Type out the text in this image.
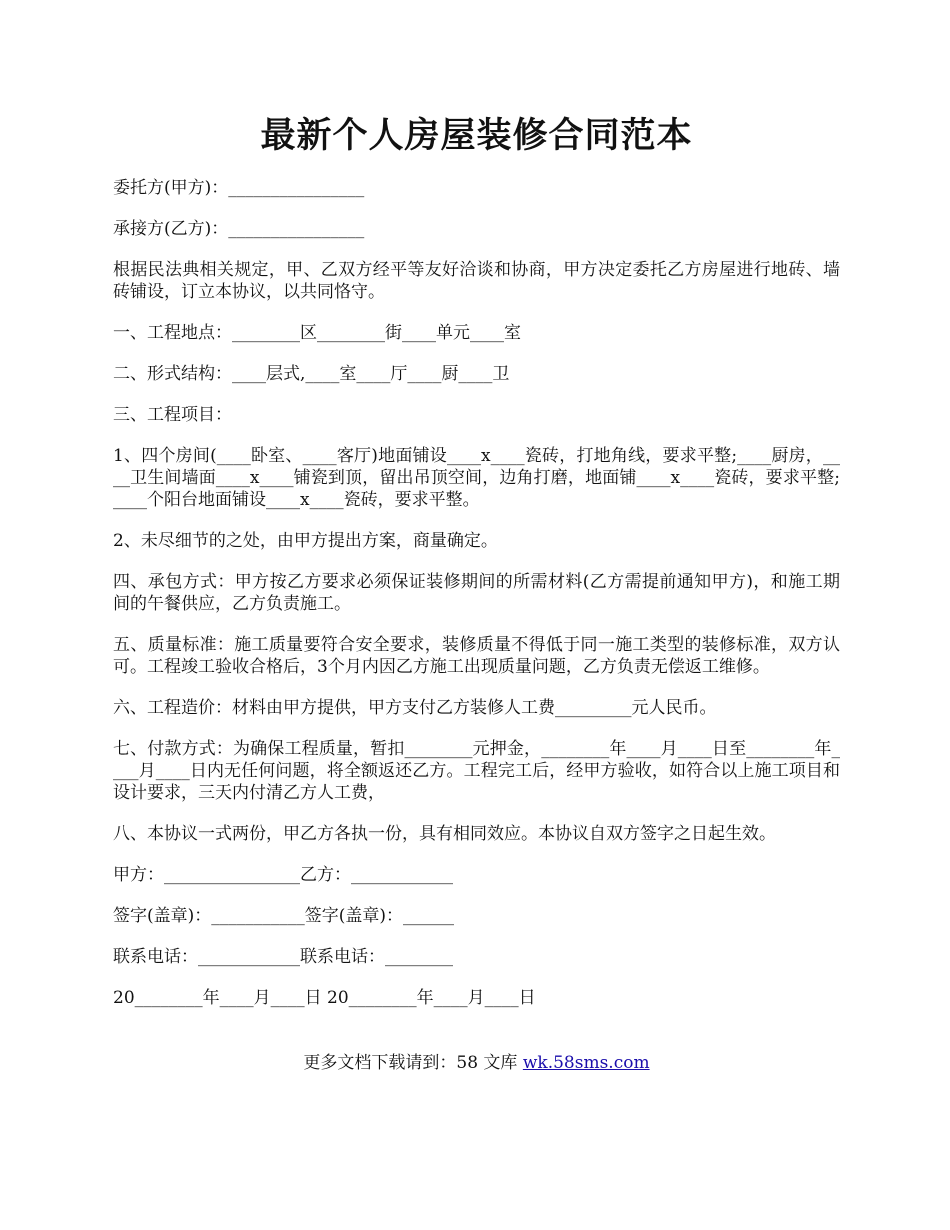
最新个人房屋装修合同范本

委托方(甲方)：________________

承接方(乙方)：________________

根据民法典相关规定，甲、乙双方经平等友好洽谈和协商，甲方决定委托乙方房屋进行地砖、墙砖铺设，订立本协议，以共同恪守。

一、工程地点：________区________街____单元____室

二、形式结构：____层式,____室____厅____厨____卫

三、工程项目：

1、四个房间(____卧室、____客厅)地面铺设____x____瓷砖，打地角线，要求平整;____厨房，____卫生间墙面____x____铺瓷到顶，留出吊顶空间，边角打磨，地面铺____x____瓷砖，要求平整;____个阳台地面铺设____x____瓷砖，要求平整。

2、未尽细节的之处，由甲方提出方案，商量确定。

四、承包方式：甲方按乙方要求必须保证装修期间的所需材料(乙方需提前通知甲方)，和施工期间的午餐供应，乙方负责施工。

五、质量标准：施工质量要符合安全要求，装修质量不得低于同一施工类型的装修标准，双方认可。工程竣工验收合格后，3个月内因乙方施工出现质量问题，乙方负责无偿返工维修。

六、工程造价：材料由甲方提供，甲方支付乙方装修人工费_________元人民币。

七、付款方式：为确保工程质量，暂扣________元押金，________年____月____日至________年____月____日内无任何问题，将全额返还乙方。工程完工后，经甲方验收，如符合以上施工项目和设计要求，三天内付清乙方人工费，

八、本协议一式两份，甲乙方各执一份，具有相同效应。本协议自双方签字之日起生效。

甲方：________________乙方：____________

签字(盖章)：___________签字(盖章)：______

联系电话：____________联系电话：________

20________年____月____日 20________年____月____日

更多文档下载请到：58 文库 wk.58sms.com
